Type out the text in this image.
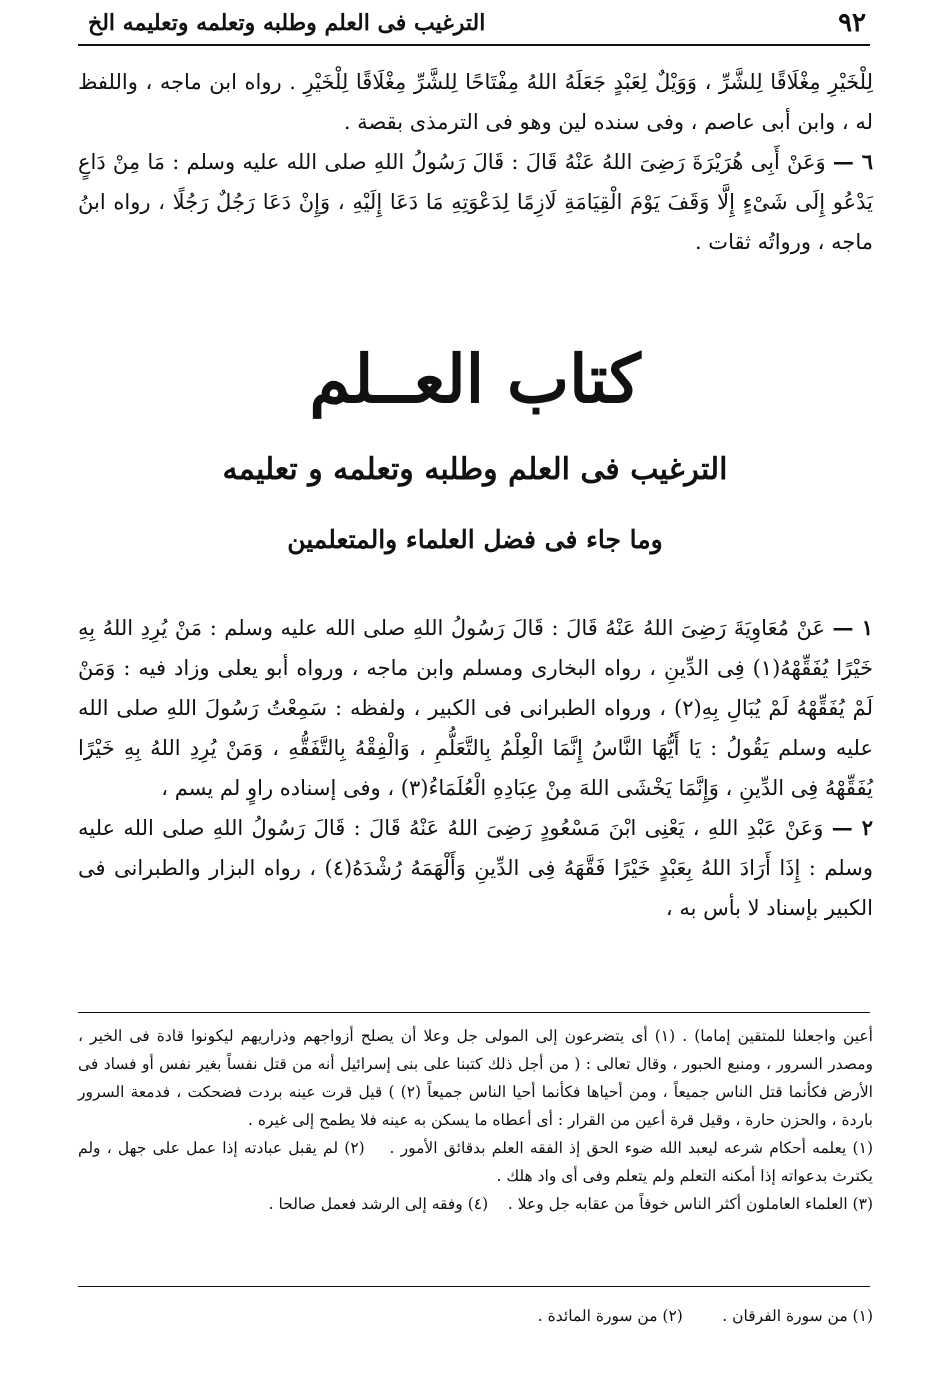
٩٢
الترغيب فى العلم وطلبه وتعلمه وتعليمه الخ

لِلْخَيْرِ مِغْلَاقًا لِلشَّرِّ ، وَوَيْلٌ لِعَبْدٍ جَعَلَهُ اللهُ مِفْتَاحًا لِلشَّرِّ مِغْلَاقًا لِلْخَيْرِ . رواه ابن ماجه ، واللفظ له ، وابن أبى عاصم ، وفى سنده لين وهو فى الترمذى بقصة .

٦ — وَعَنْ أَبِى هُرَيْرَةَ رَضِىَ اللهُ عَنْهُ قَالَ : قَالَ رَسُولُ اللهِ صلى الله عليه وسلم : مَا مِنْ دَاعٍ يَدْعُو إِلَى شَىْءٍ إِلَّا وَقَفَ يَوْمَ الْقِيَامَةِ لَازِمًا لِدَعْوَتِهِ مَا دَعَا إِلَيْهِ ، وَإِنْ دَعَا رَجُلٌ رَجُلًا ، رواه ابنُ ماجه ، ورواتُه ثقات .

كتاب العــلم
الترغيب فى العلم وطلبه وتعلمه و تعليمه
وما جاء فى فضل العلماء والمتعلمين

١ — عَنْ مُعَاوِيَةَ رَضِىَ اللهُ عَنْهُ قَالَ : قَالَ رَسُولُ اللهِ صلى الله عليه وسلم : مَنْ يُرِدِ اللهُ بِهِ خَيْرًا يُفَقِّهْهُ(١) فِى الدِّينِ ، رواه البخارى ومسلم وابن ماجه ، ورواه أبو يعلى وزاد فيه : وَمَنْ لَمْ يُفَقِّهْهُ لَمْ يُبَالِ بِهِ(٢) ، ورواه الطبرانى فى الكبير ، ولفظه : سَمِعْتُ رَسُولَ اللهِ صلى الله عليه وسلم يَقُولُ : يَا أَيُّهَا النَّاسُ إِنَّمَا الْعِلْمُ بِالتَّعَلُّمِ ، وَالْفِقْهُ بِالتَّفَقُّهِ ، وَمَنْ يُرِدِ اللهُ بِهِ خَيْرًا يُفَقِّهْهُ فِى الدِّينِ ، وَإِنَّمَا يَخْشَى اللهَ مِنْ عِبَادِهِ الْعُلَمَاءُ(٣) ، وفى إسناده راوٍ لم يسم ،

٢ — وَعَنْ عَبْدِ اللهِ ، يَعْنِى ابْنَ مَسْعُودٍ رَضِىَ اللهُ عَنْهُ قَالَ : قَالَ رَسُولُ اللهِ صلى الله عليه وسلم : إِذَا أَرَادَ اللهُ بِعَبْدٍ خَيْرًا فَقَّهَهُ فِى الدِّينِ وَأَلْهَمَهُ رُشْدَهُ(٤) ، رواه البزار والطبرانى فى الكبير بإسناد لا بأس به ،

أعين واجعلنا للمتقين إماما) . (١) أى يتضرعون إلى المولى جل وعلا أن يصلح أزواجهم وذراريهم ليكونوا قادة فى الخير ، ومصدر السرور ، ومنبع الحبور ، وقال تعالى : ( من أجل ذلك كتبنا على بنى إسرائيل أنه من قتل نفساً بغير نفس أو فساد فى الأرض فكأنما قتل الناس جميعاً ، ومن أحياها فكأنما أحيا الناس جميعاً (٢) ) قيل قرت عينه بردت فضحكت ، فدمعة السرور باردة ، والحزن حارة ، وقيل قرة أعين من القرار : أى أعطاه ما يسكن به عينه فلا يطمح إلى غيره .

(١) يعلمه أحكام شرعه ليعبد الله ضوء الحق إذ الفقه العلم بدقائق الأمور .    (٢) لم يقبل عبادته إذا عمل على جهل ، ولم يكترث بدعواته إذا أمكنه التعلم ولم يتعلم وفى أى واد هلك .

(٣) العلماء العاملون أكثر الناس خوفاً من عقابه جل وعلا .    (٤) وفقه إلى الرشد فعمل صالحا .

(١) من سورة الفرقان .        (٢) من سورة المائدة .
